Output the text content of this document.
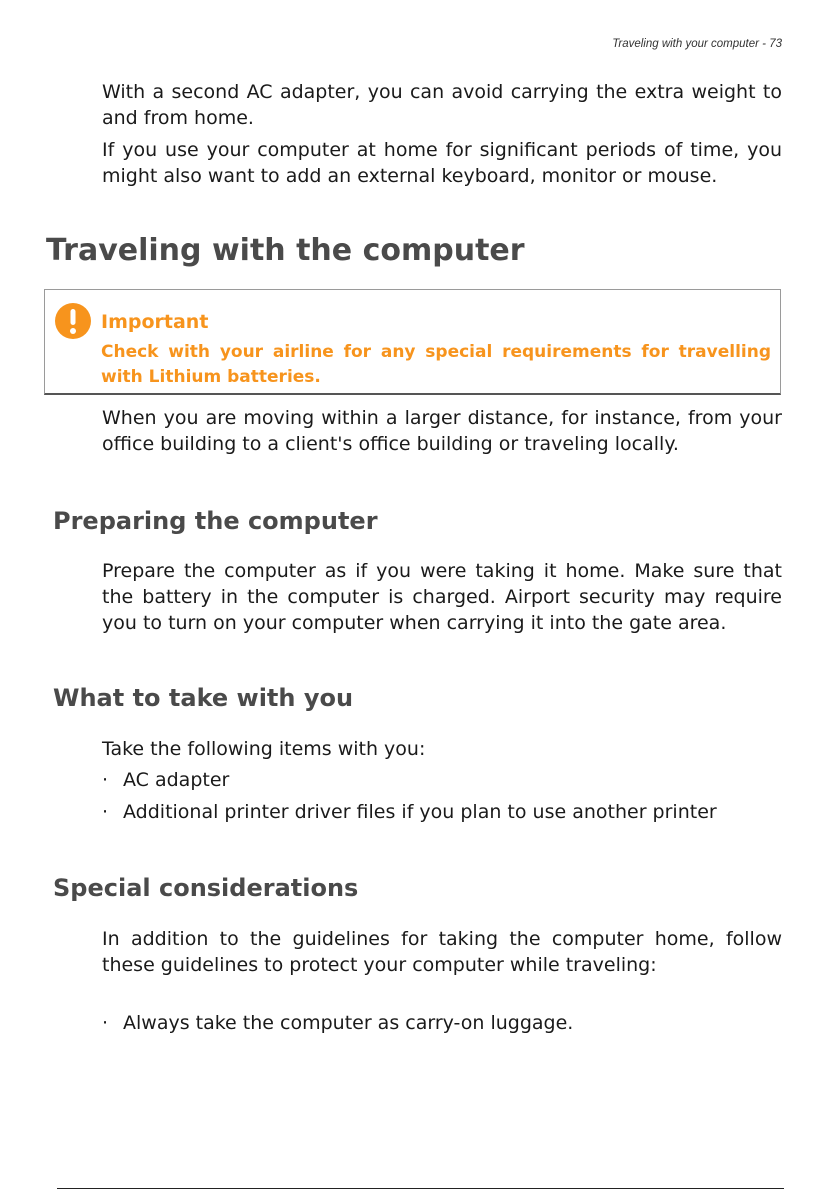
Traveling with your computer - 73

With a second AC adapter, you can avoid carrying the extra weight to and from home.

If you use your computer at home for significant periods of time, you might also want to add an external keyboard, monitor or mouse.

Traveling with the computer
Important
Check with your airline for any special requirements for travelling with Lithium batteries.

When you are moving within a larger distance, for instance, from your office building to a client's office building or traveling locally.

Preparing the computer

Prepare the computer as if you were taking it home. Make sure that the battery in the computer is charged. Airport security may require you to turn on your computer when carrying it into the gate area.

What to take with you

Take the following items with you:

· AC adapter
· Additional printer driver files if you plan to use another printer
Special considerations

In addition to the guidelines for taking the computer home, follow these guidelines to protect your computer while traveling:

· Always take the computer as carry-on luggage.
